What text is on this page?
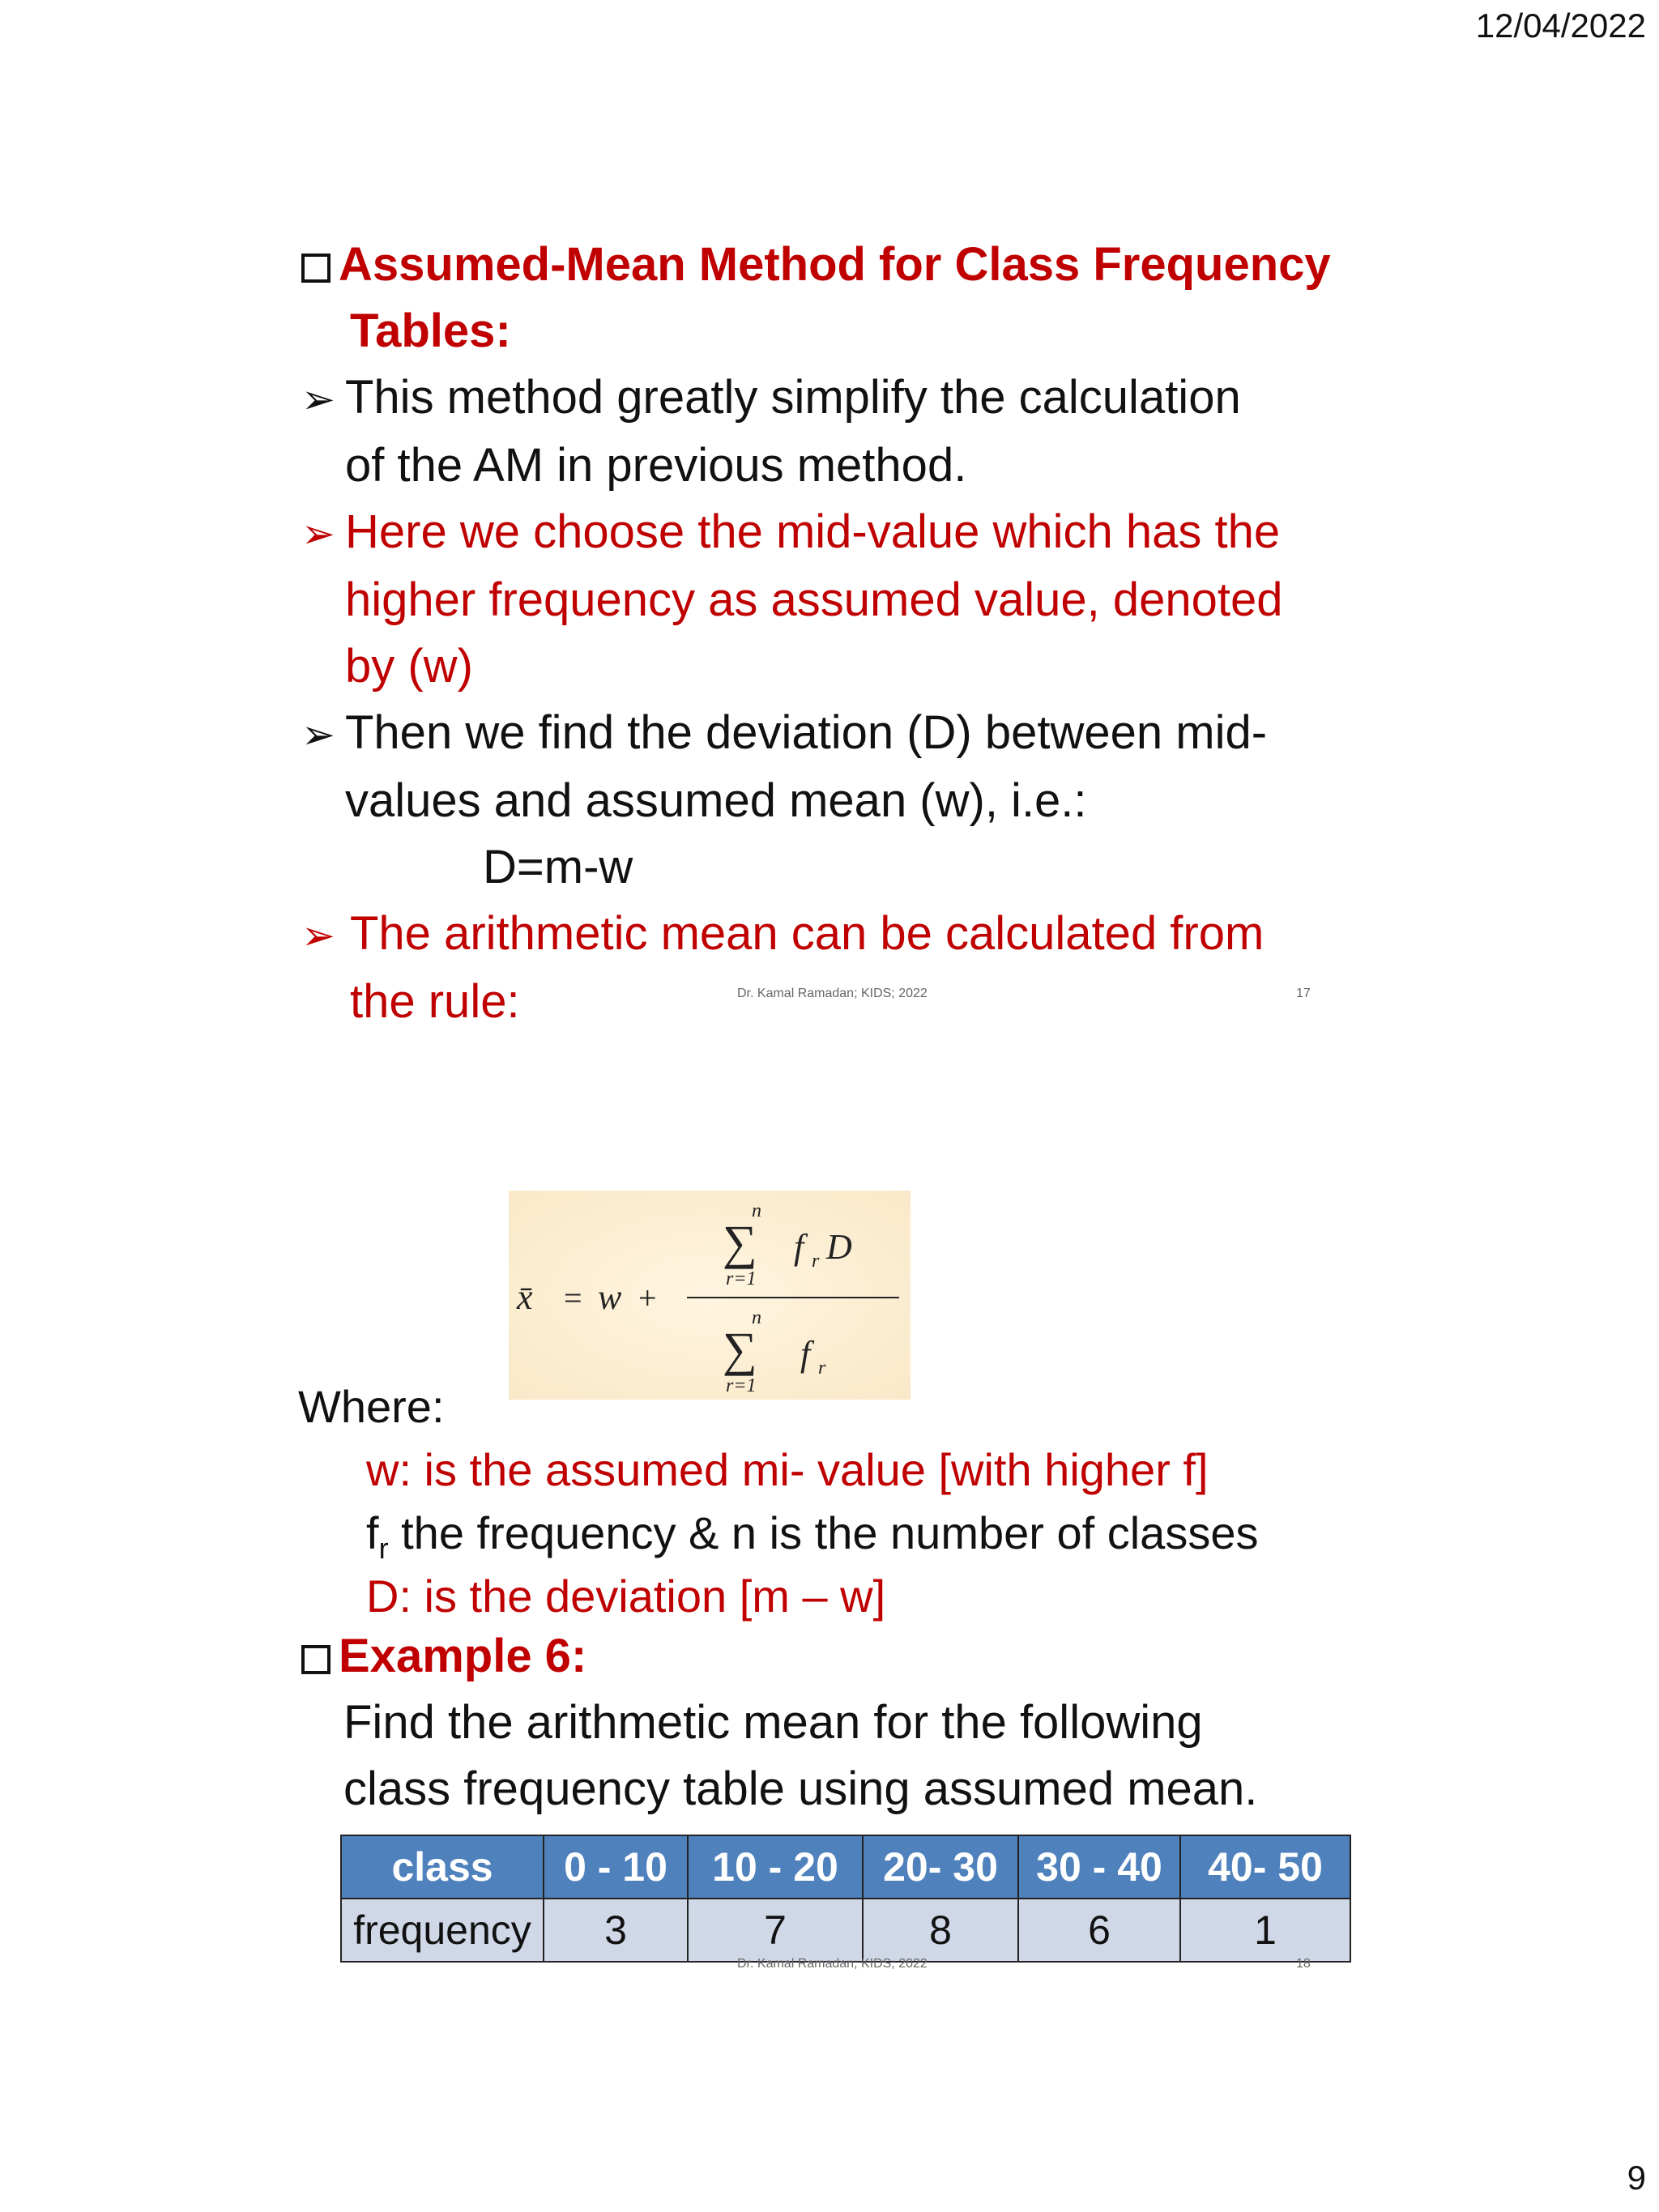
12/04/2022
Assumed-Mean Method for Class Frequency
Tables:
➢ This method greatly simplify the calculation
of the AM in previous method.
➢ Here we choose the mid-value which has the
higher frequency as assumed value, denoted
by (w)
➢ Then we find the deviation (D) between mid-
values and assumed mean (w), i.e.:
D=m-w
➢ The arithmetic mean can be calculated from
the rule:	Dr. Kamal Ramadan; KIDS; 2022	17
x̄ = w +
n
∑
r=1
f r D
n
∑
r=1
f r
Where:
w: is the assumed mi- value [with higher f]
$f_r$ the frequency & n is the number of classes
D: is the deviation [m – w]
Example 6:
Find the arithmetic mean for the following
class frequency table using assumed mean.
class	0 - 10	10 - 20	20- 30	30 - 40	40- 50
frequency	3	7	8	6	1
Dr. Kamal Ramadan; KIDS; 2022	18
9
